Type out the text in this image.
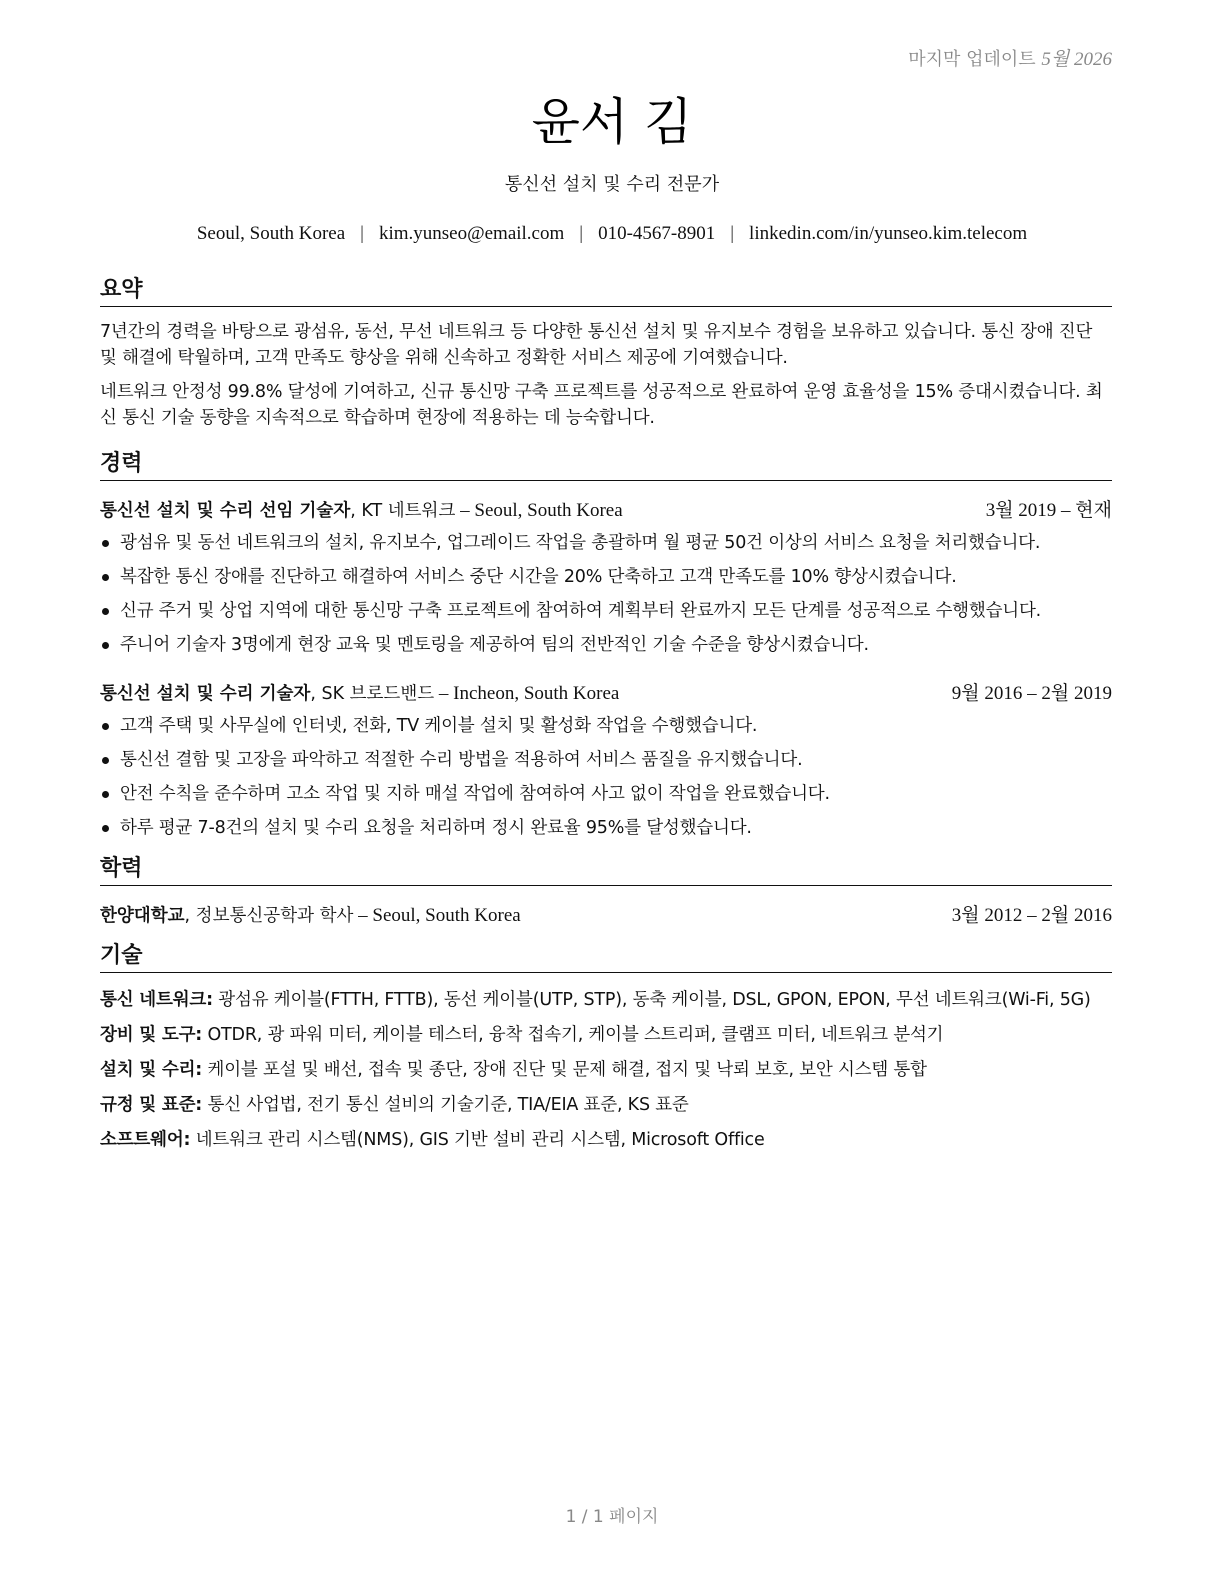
마지막 업데이트 5월 2026
윤서 김
통신선 설치 및 수리 전문가
Seoul, South Korea | kim.yunseo@email.com | 010-4567-8901 | linkedin.com/in/yunseo.kim.telecom
요약

7년간의 경력을 바탕으로 광섬유, 동선, 무선 네트워크 등 다양한 통신선 설치 및 유지보수 경험을 보유하고 있습니다. 통신 장애 진단 및 해결에 탁월하며, 고객 만족도 향상을 위해 신속하고 정확한 서비스 제공에 기여했습니다.

네트워크 안정성 99.8% 달성에 기여하고, 신규 통신망 구축 프로젝트를 성공적으로 완료하여 운영 효율성을 15% 증대시켰습니다. 최신 통신 기술 동향을 지속적으로 학습하며 현장에 적용하는 데 능숙합니다.

경력
통신선 설치 및 수리 선임 기술자, KT 네트워크 – Seoul, South Korea	3월 2019 – 현재
광섬유 및 동선 네트워크의 설치, 유지보수, 업그레이드 작업을 총괄하며 월 평균 50건 이상의 서비스 요청을 처리했습니다.
복잡한 통신 장애를 진단하고 해결하여 서비스 중단 시간을 20% 단축하고 고객 만족도를 10% 향상시켰습니다.
신규 주거 및 상업 지역에 대한 통신망 구축 프로젝트에 참여하여 계획부터 완료까지 모든 단계를 성공적으로 수행했습니다.
주니어 기술자 3명에게 현장 교육 및 멘토링을 제공하여 팀의 전반적인 기술 수준을 향상시켰습니다.
통신선 설치 및 수리 기술자, SK 브로드밴드 – Incheon, South Korea	9월 2016 – 2월 2019
고객 주택 및 사무실에 인터넷, 전화, TV 케이블 설치 및 활성화 작업을 수행했습니다.
통신선 결함 및 고장을 파악하고 적절한 수리 방법을 적용하여 서비스 품질을 유지했습니다.
안전 수칙을 준수하며 고소 작업 및 지하 매설 작업에 참여하여 사고 없이 작업을 완료했습니다.
하루 평균 7-8건의 설치 및 수리 요청을 처리하며 정시 완료율 95%를 달성했습니다.
학력
한양대학교, 정보통신공학과 학사 – Seoul, South Korea	3월 2012 – 2월 2016
기술

통신 네트워크: 광섬유 케이블(FTTH, FTTB), 동선 케이블(UTP, STP), 동축 케이블, DSL, GPON, EPON, 무선 네트워크(Wi-Fi, 5G)

장비 및 도구: OTDR, 광 파워 미터, 케이블 테스터, 융착 접속기, 케이블 스트리퍼, 클램프 미터, 네트워크 분석기

설치 및 수리: 케이블 포설 및 배선, 접속 및 종단, 장애 진단 및 문제 해결, 접지 및 낙뢰 보호, 보안 시스템 통합

규정 및 표준: 통신 사업법, 전기 통신 설비의 기술기준, TIA/EIA 표준, KS 표준

소프트웨어: 네트워크 관리 시스템(NMS), GIS 기반 설비 관리 시스템, Microsoft Office

1 / 1 페이지
